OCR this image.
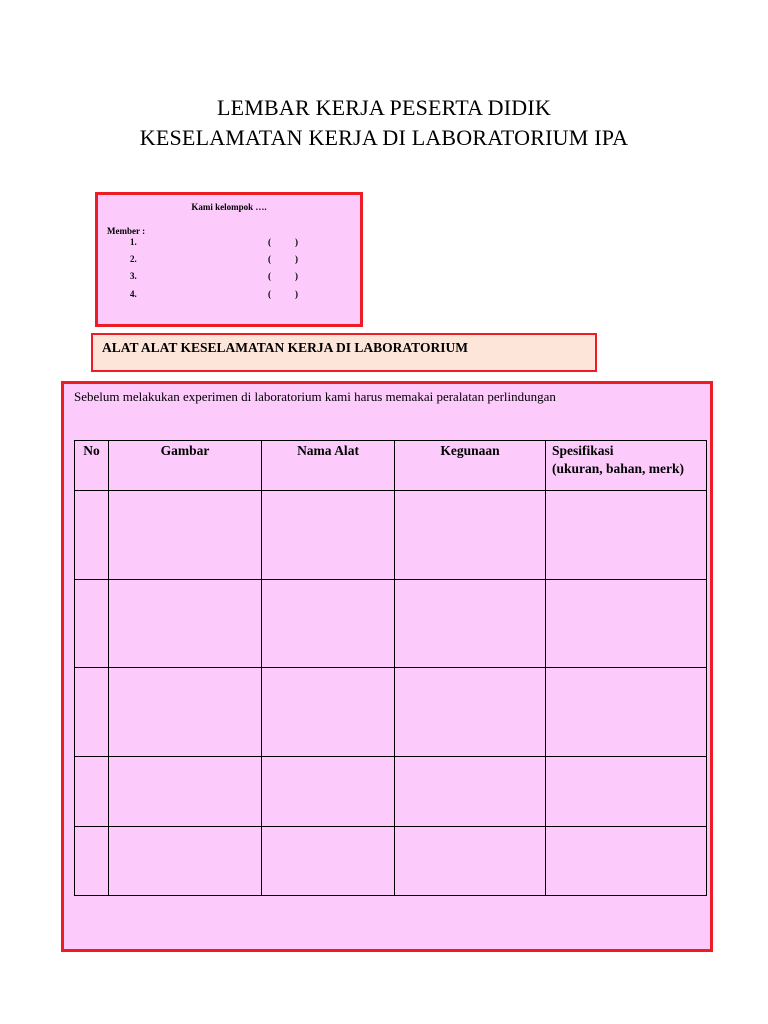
LEMBAR KERJA PESERTA DIDIK
KESELAMATAN KERJA DI LABORATORIUM IPA
Kami kelompok ….
Member :
1.	(	)
2.	(	)
3.	(	)
4.	(	)
ALAT ALAT KESELAMATAN KERJA DI LABORATORIUM
Sebelum melakukan experimen di laboratorium kami harus memakai peralatan perlindungan
No	Gambar	Nama Alat	Kegunaan	Spesifikasi
(ukuran, bahan, merk)
